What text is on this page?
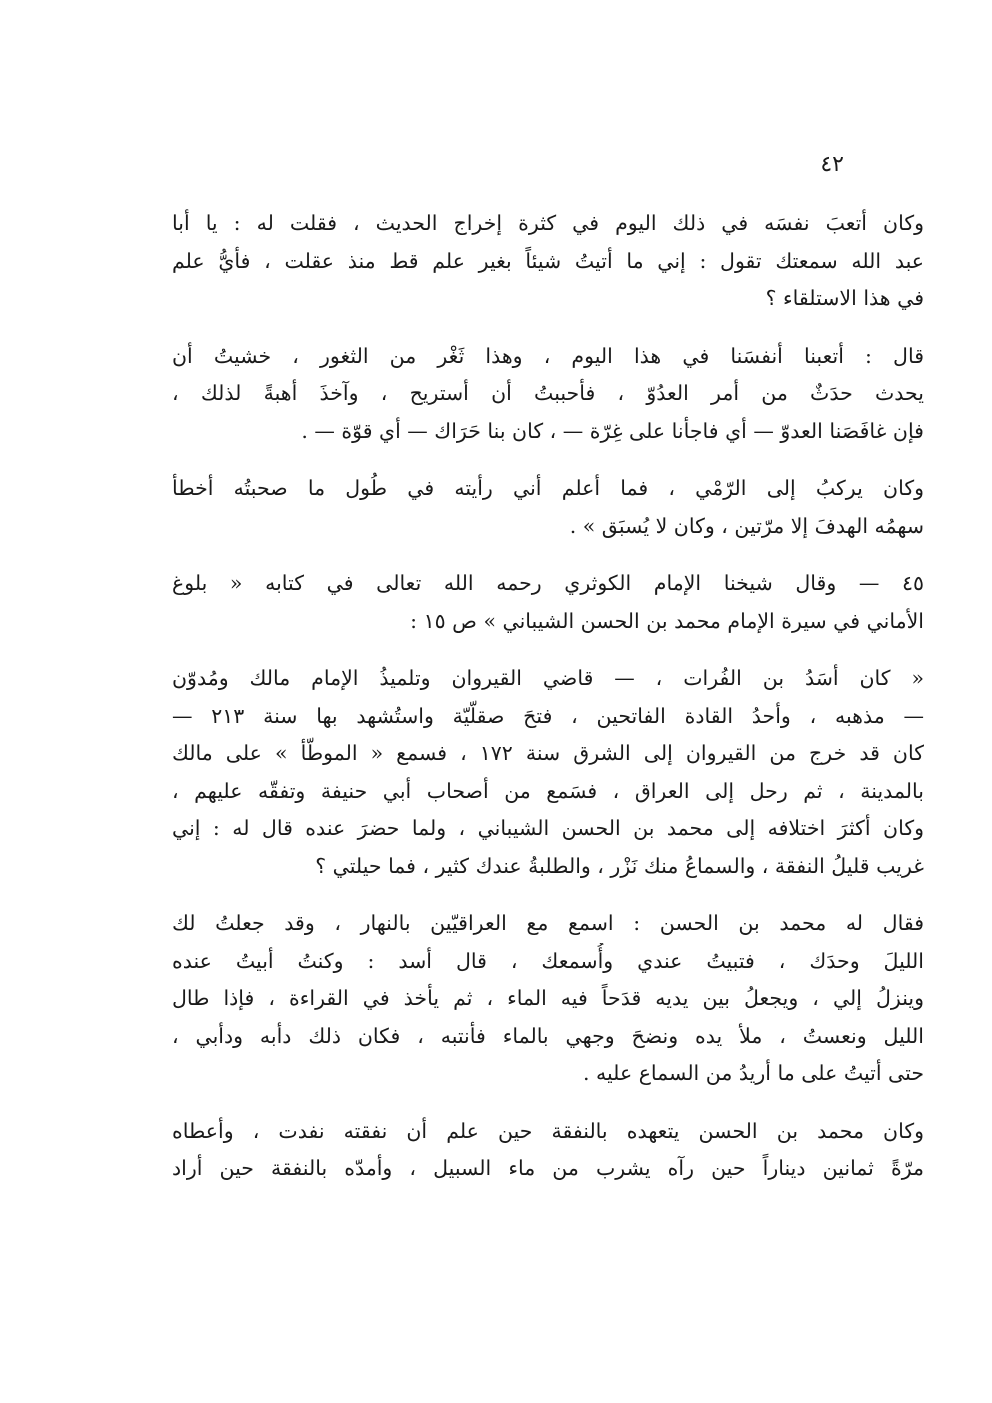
٤٢
وكان أتعبَ نفسَه في ذلك اليوم في كثرة إخراج الحديث ، فقلت له : يا أبا
عبد الله سمعتك تقول : إني ما أتيتُ شيئاً بغير علم قط منذ عقلت ، فأيُّ علم
في هذا الاستلقاء ؟
قال : أتعبنا أنفسَنا في هذا اليوم ، وهذا ثَغْر من الثغور ، خشيتُ أن
يحدث حدَثٌ من أمر العدُوّ ، فأحببتُ أن أستريح ، وآخذَ أهبةً لذلك ،
فإن غافَصَنا العدوّ — أي فاجأنا على غِرّة — ، كان بنا حَرَاك — أي قوّة — .
وكان يركبُ إلى الرّمْي ، فما أعلم أني رأيته في طُول ما صحبتُه أخطأ
سهمُه الهدفَ إلا مرّتين ، وكان لا يُسبَق » .
٤٥ — وقال شيخنا الإمام الكوثري رحمه الله تعالى في كتابه « بلوغ
الأماني في سيرة الإمام محمد بن الحسن الشيباني » ص ١٥ :
« كان أسَدُ بن الفُرات ، — قاضي القيروان وتلميذُ الإمام مالك ومُدوّن
— مذهبه ، وأحدُ القادة الفاتحين ، فتحَ صقلّيّة واستُشهد بها سنة ٢١٣ —
كان قد خرج من القيروان إلى الشرق سنة ١٧٢ ، فسمع « الموطّأ » على مالك
بالمدينة ، ثم رحل إلى العراق ، فسَمع من أصحاب أبي حنيفة وتفقّه عليهم ،
وكان أكثرَ اختلافه إلى محمد بن الحسن الشيباني ، ولما حضرَ عنده قال له : إني
غريب قليلُ النفقة ، والسماعُ منك نَزْر ، والطلبةُ عندك كثير ، فما حيلتي ؟
فقال له محمد بن الحسن : اسمع مع العراقيّين بالنهار ، وقد جعلتُ لك
الليلَ وحدَك ، فتبيتُ عندي وأُسمعك ، قال أسد : وكنتُ أبيتُ عنده
وينزلُ إلي ، ويجعلُ بين يديه قدَحاً فيه الماء ، ثم يأخذ في القراءة ، فإذا طال
الليل ونعستُ ، ملأ يده ونضحَ وجهي بالماء فأنتبه ، فكان ذلك دأبه ودأبي ،
حتى أتيتُ على ما أريدُ من السماع عليه .
وكان محمد بن الحسن يتعهده بالنفقة حين علم أن نفقته نفدت ، وأعطاه
مرّةً ثمانين ديناراً حين رآه يشرب من ماء السبيل ، وأمدّه بالنفقة حين أراد
